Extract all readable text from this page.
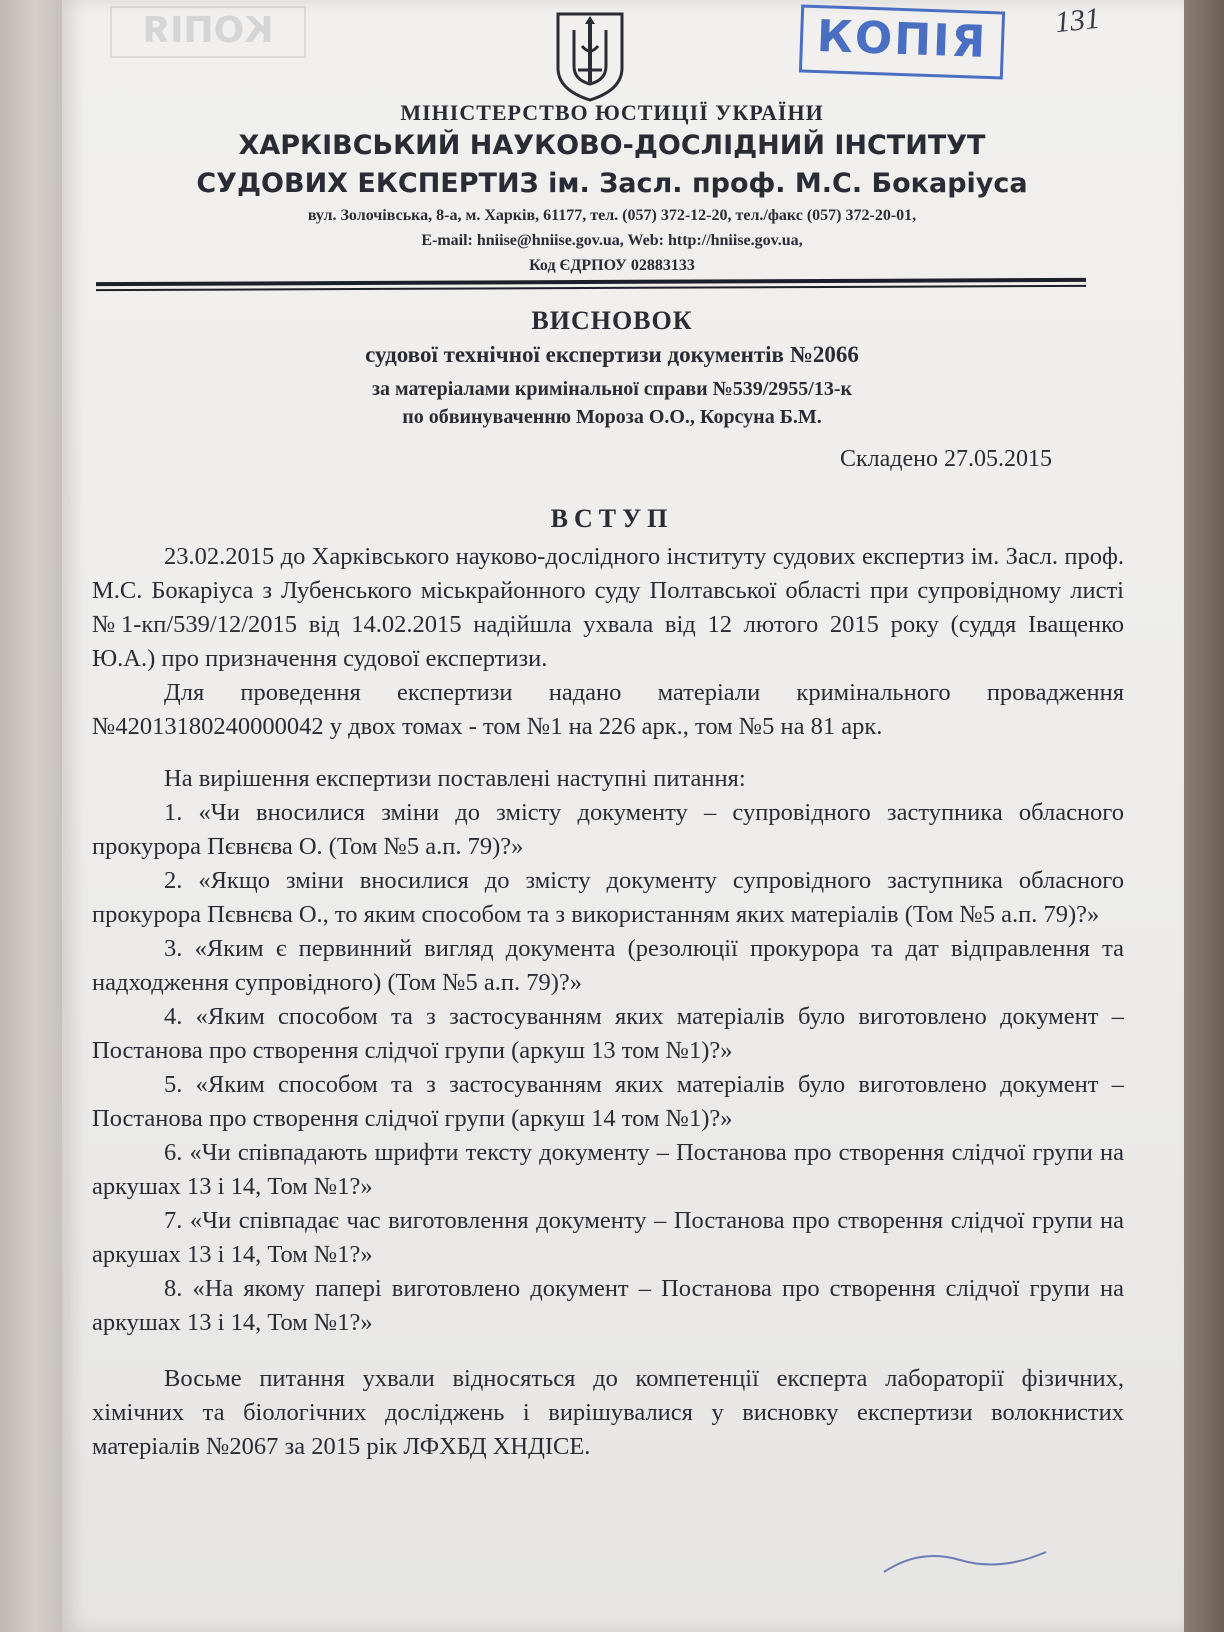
КОПІЯ	КОПІЯ	131
МІНІСТЕРСТВО ЮСТИЦІЇ УКРАЇНИ
ХАРКІВСЬКИЙ НАУКОВО-ДОСЛІДНИЙ ІНСТИТУТ
СУДОВИХ ЕКСПЕРТИЗ ім. Засл. проф. М.С. Бокаріуса
вул. Золочівська, 8-а, м. Харків, 61177, тел. (057) 372-12-20, тел./факс (057) 372-20-01,
E-mail: hniise@hniise.gov.ua, Web: http://hniise.gov.ua,
Код ЄДРПОУ 02883133
ВИСНОВОК
судової технічної експертизи документів №2066
за матеріалами кримінальної справи №539/2955/13-к
по обвинуваченню Мороза О.О., Корсуна Б.М.
Складено 27.05.2015
ВСТУП

23.02.2015 до Харківського науково-дослідного інституту судових експертиз ім. Засл. проф. М.С. Бокаріуса з Лубенського міськрайонного суду Полтавської області при супровідному листі №1-кп/539/12/2015 від 14.02.2015 надійшла ухвала від 12 лютого 2015 року (суддя Іващенко Ю.А.) про призначення судової експертизи.

Для проведення експертизи надано матеріали кримінального провадження №42013180240000042 у двох томах - том №1 на 226 арк., том №5 на 81 арк.

На вирішення експертизи поставлені наступні питання:

1. «Чи вносилися зміни до змісту документу – супровідного заступника обласного прокурора Пєвнєва О. (Том №5 а.п. 79)?»

2. «Якщо зміни вносилися до змісту документу супровідного заступника обласного прокурора Пєвнєва О., то яким способом та з використанням яких матеріалів (Том №5 а.п. 79)?»

3. «Яким є первинний вигляд документа (резолюції прокурора та дат відправлення та надходження супровідного) (Том №5 а.п. 79)?»

4. «Яким способом та з застосуванням яких матеріалів було виготовлено документ – Постанова про створення слідчої групи (аркуш 13 том №1)?»

5. «Яким способом та з застосуванням яких матеріалів було виготовлено документ – Постанова про створення слідчої групи (аркуш 14 том №1)?»

6. «Чи співпадають шрифти тексту документу – Постанова про створення слідчої групи на аркушах 13 і 14, Том №1?»

7. «Чи співпадає час виготовлення документу – Постанова про створення слідчої групи на аркушах 13 і 14, Том №1?»

8. «На якому папері виготовлено документ – Постанова про створення слідчої групи на аркушах 13 і 14, Том №1?»

Восьме питання ухвали відносяться до компетенції експерта лабораторії фізичних, хімічних та біологічних досліджень і вирішувалися у висновку експертизи волокнистих матеріалів №2067 за 2015 рік ЛФХБД ХНДІСЕ.
